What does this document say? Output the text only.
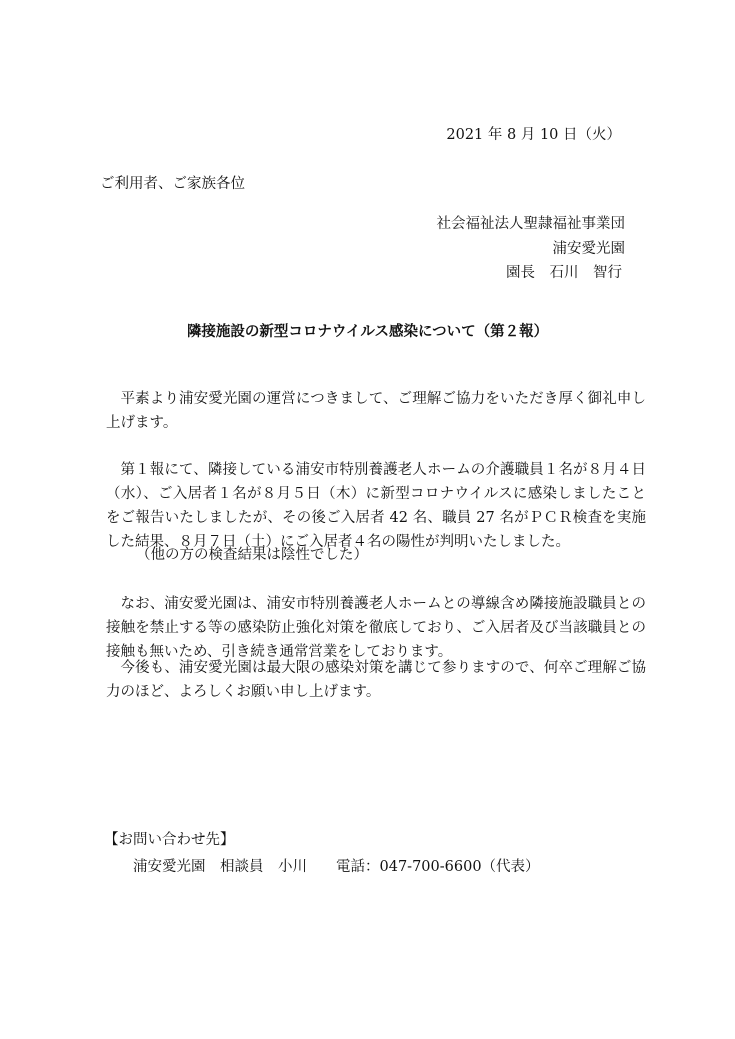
2021 年 8 月 10 日（火）
ご利用者、ご家族各位
社会福祉法人聖隷福祉事業団
浦安愛光園
園長　石川　智行
隣接施設の新型コロナウイルス感染について（第２報）
平素より浦安愛光園の運営につきまして、ご理解ご協力をいただき厚く御礼申し上げます。
第１報にて、隣接している浦安市特別養護老人ホームの介護職員１名が８月４日（水）、ご入居者１名が８月５日（木）に新型コロナウイルスに感染しましたことをご報告いたしましたが、その後ご入居者 42 名、職員 27 名がＰＣＲ検査を実施した結果、８月７日（土）にご入居者４名の陽性が判明いたしました。
（他の方の検査結果は陰性でした）
なお、浦安愛光園は、浦安市特別養護老人ホームとの導線含め隣接施設職員との接触を禁止する等の感染防止強化対策を徹底しており、ご入居者及び当該職員との接触も無いため、引き続き通常営業をしております。
今後も、浦安愛光園は最大限の感染対策を講じて参りますので、何卒ご理解ご協力のほど、よろしくお願い申し上げます。
【お問い合わせ先】
浦安愛光園　 相談員　 小川　　 電話：047-700-6600（代表）
